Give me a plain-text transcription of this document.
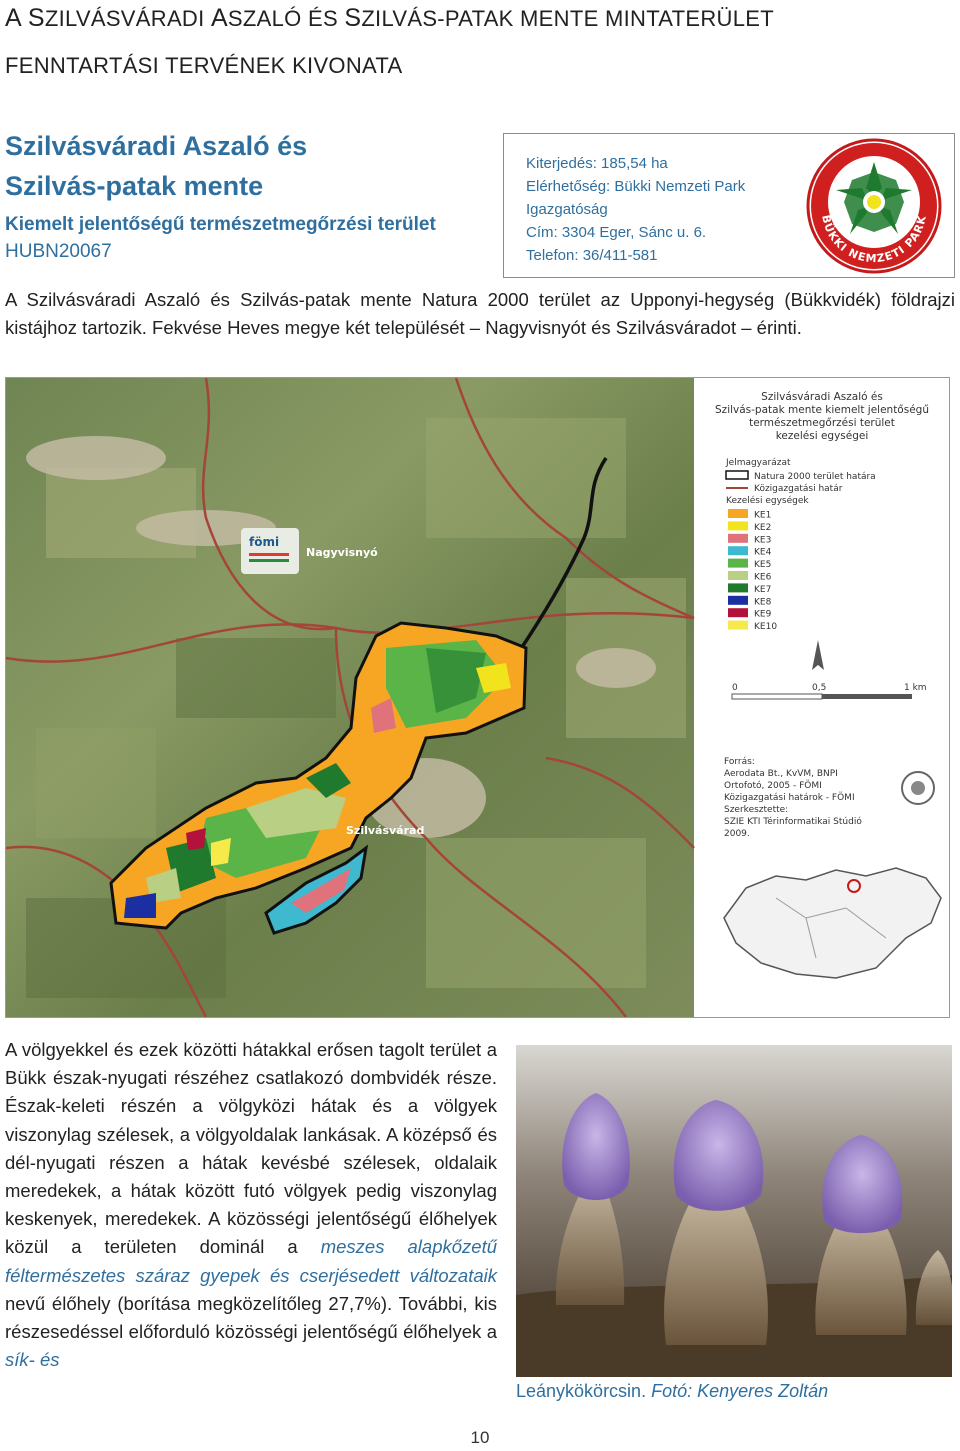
A SZILVÁSVÁRADI ASZALÓ ÉS SZILVÁS-PATAK MENTE MINTATERÜLET
FENNTARTÁSI TERVÉNEK KIVONATA
Szilvásváradi Aszaló és
Szilvás-patak mente
Kiemelt jelentőségű természetmegőrzési terület
HUBN20067
Kiterjedés: 185,54 ha
Elérhetőség: Bükki Nemzeti Park
Igazgatóság
Cím: 3304 Eger, Sánc u. 6.
Telefon: 36/411-581
BÜKKI NEMZETI PARK
A Szilvásváradi Aszaló és Szilvás-patak mente Natura 2000 terület az Upponyi-hegység (Bükkvidék) földrajzi kistájhoz tartozik. Fekvése Heves megye két települését – Nagyvisnyót és Szilvásváradot – érinti.
Nagyvisnyó
Szilvásvárad
fömi
Szilvásváradi Aszaló és
Szilvás-patak mente kiemelt jelentőségű
természetmegőrzési terület
kezelési egységei
Jelmagyarázat
Natura 2000 terület határa
Közigazgatási határ
Kezelési egységek
KE1
KE2
KE3
KE4
KE5
KE6
KE7
KE8
KE9
KE10
0	0,5	1 km
Forrás:
Aerodata Bt., KvVM, BNPI
Ortofotó, 2005 - FÖMI
Közigazgatási határok - FÖMI
Szerkesztette:
SZIE KTI Térinformatikai Stúdió
2009.
A völgyekkel és ezek közötti hátakkal erősen tagolt terület a Bükk észak-nyugati részéhez csatlakozó dombvidék része. Észak-keleti részén a völgyközi hátak és a völgyek viszonylag szélesek, a völgyoldalak lankásak. A középső és dél-nyugati részen a hátak kevésbé szélesek, oldalaik meredekek, a hátak között futó völgyek pedig viszonylag keskenyek, meredekek. A közösségi jelentőségű élőhelyek közül a területen dominál a meszes alapkőzetű féltermészetes száraz gyepek és cserjésedett változataik nevű élőhely (borítása megközelítőleg 27,7%). További, kis részesedéssel előforduló közösségi jelentőségű élőhelyek a sík- és
Leánykökörcsin. Fotó: Kenyeres Zoltán
10
